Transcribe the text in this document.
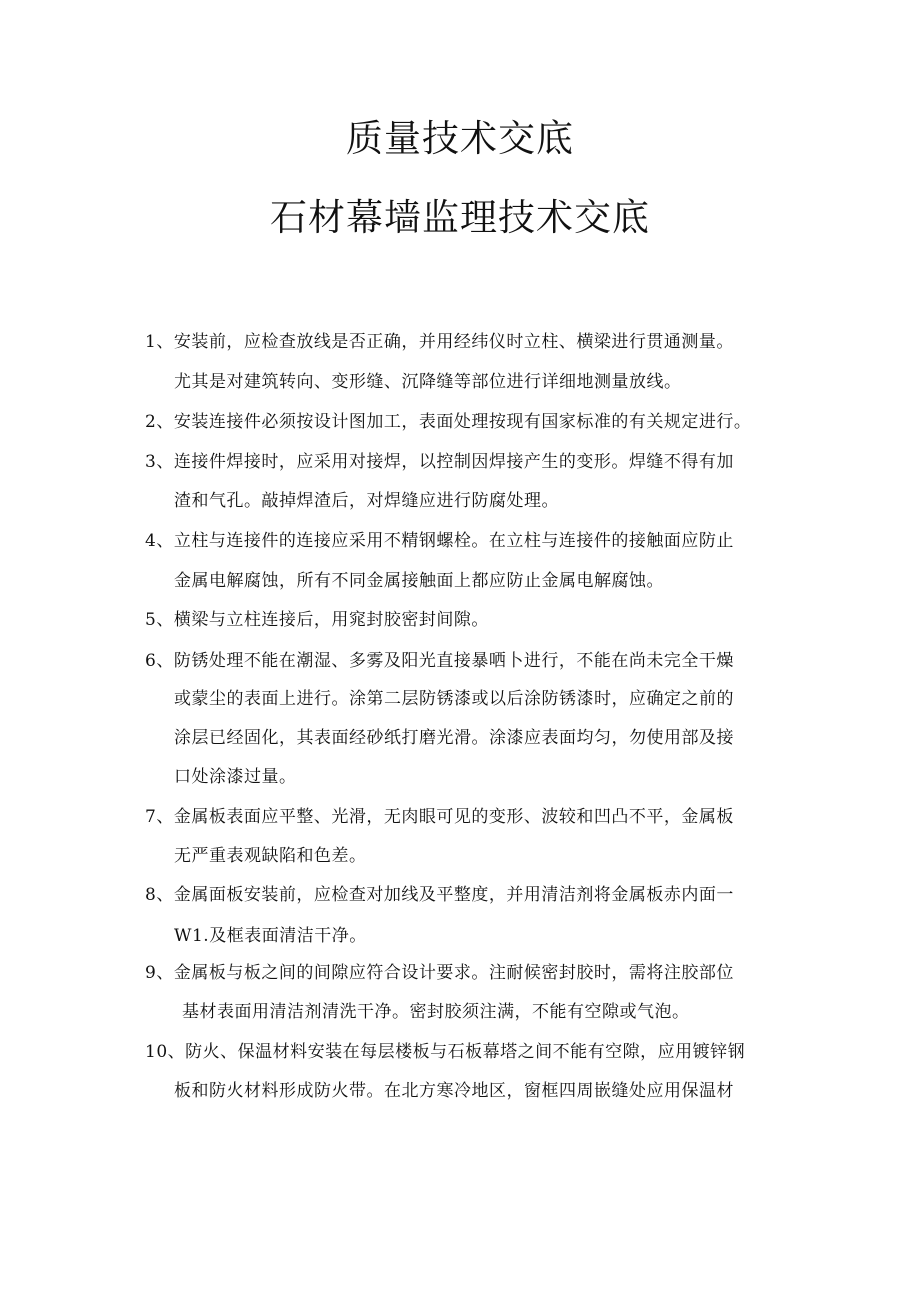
质量技术交底
石材幕墙监理技术交底
1、安装前，应检查放线是否正确，并用经纬仪时立柱、横梁进行贯通测量。
尤其是对建筑转向、变形缝、沉降缝等部位进行详细地测量放线。
2、安装连接件必须按设计图加工，表面处理按现有国家标准的有关规定进行。
3、连接件焊接时，应采用对接焊，以控制因焊接产生的变形。焊缝不得有加
渣和气孔。敲掉焊渣后，对焊缝应进行防腐处理。
4、立柱与连接件的连接应采用不精钢螺栓。在立柱与连接件的接触面应防止
金属电解腐蚀，所有不同金属接触面上都应防止金属电解腐蚀。
5、横梁与立柱连接后，用窕封胶密封间隙。
6、防锈处理不能在潮湿、多雾及阳光直接暴哂卜进行，不能在尚未完全干燥
或蒙尘的表面上进行。涂第二层防锈漆或以后涂防锈漆时，应确定之前的
涂层已经固化，其表面经砂纸打磨光滑。涂漆应表面均匀，勿使用部及接
口处涂漆过量。
7、金属板表面应平整、光滑，无肉眼可见的变形、波较和凹凸不平，金属板
无严重表观缺陷和色差。
8、金属面板安装前，应检查对加线及平整度，并用清洁剂将金属板赤内面一
W1.及框表面清洁干净。
9、金属板与板之间的间隙应符合设计要求。注耐候密封胶时，需将注胶部位
基材表面用清洁剂清洗干净。密封胶须注满，不能有空隙或气泡。
10、防火、保温材料安装在每层楼板与石板幕塔之间不能有空隙，应用镀锌钢
板和防火材料形成防火带。在北方寒冷地区，窗框四周嵌缝处应用保温材
